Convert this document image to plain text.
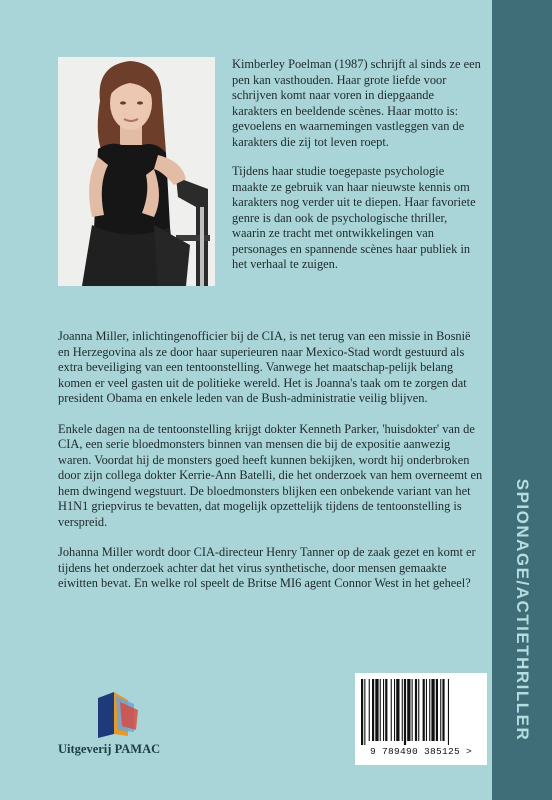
SPIONAGE/ACTIETHRILLER

Kimberley Poelman (1987) schrijft al sinds ze een pen kan vasthouden. Haar grote liefde voor schrijven komt naar voren in diepgaande karakters en beeldende scènes. Haar motto is: gevoelens en waarnemingen vastleggen van de karakters die zij tot leven roept.

Tijdens haar studie toegepaste psychologie maakte ze gebruik van haar nieuwste kennis om karakters nog verder uit te diepen. Haar favoriete genre is dan ook de psychologische thriller, waarin ze tracht met ontwikkelingen van personages en spannende scènes haar publiek in het verhaal te zuigen.

Joanna Miller, inlichtingenofficier bij de CIA, is net terug van een missie in Bosnië en Herzegovina als ze door haar superieuren naar Mexico-Stad wordt gestuurd als extra beveiliging van een tentoonstelling. Vanwege het maatschap-pelijk belang komen er veel gasten uit de politieke wereld. Het is Joanna's taak om te zorgen dat president Obama en enkele leden van de Bush-administratie veilig blijven.

Enkele dagen na de tentoonstelling krijgt dokter Kenneth Parker, 'huisdokter' van de CIA, een serie bloedmonsters binnen van mensen die bij de expositie aanwezig waren. Voordat hij de monsters goed heeft kunnen bekijken, wordt hij onderbroken door zijn collega dokter Kerrie-Ann Batelli, die het onderzoek van hem overneemt en hem dwingend wegstuurt. De bloedmonsters blijken een onbekende variant van het H1N1 griepvirus te bevatten, dat mogelijk opzettelijk tijdens de tentoonstelling is verspreid.

Johanna Miller wordt door CIA-directeur Henry Tanner op de zaak gezet en komt er tijdens het onderzoek achter dat het virus synthetische, door mensen gemaakte eiwitten bevat. En welke rol speelt de Britse MI6 agent Connor West in het geheel?

Uitgeverij PAMAC	9 789490 385125 >
